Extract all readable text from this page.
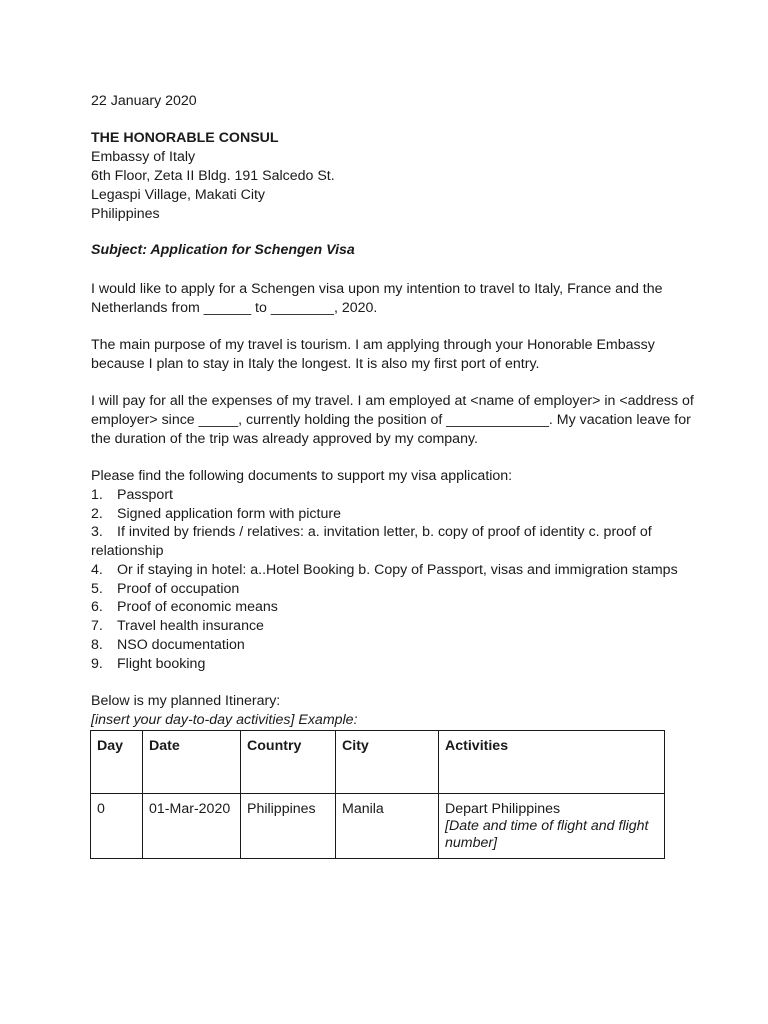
22 January 2020
THE HONORABLE CONSUL
Embassy of Italy
6th Floor, Zeta II Bldg. 191 Salcedo St.
Legaspi Village, Makati City
Philippines
Subject: Application for Schengen Visa
I would like to apply for a Schengen visa upon my intention to travel to Italy, France and the
Netherlands from ______ to ________, 2020.
The main purpose of my travel is tourism. I am applying through your Honorable Embassy
because I plan to stay in Italy the longest. It is also my first port of entry.
I will pay for all the expenses of my travel. I am employed at <name of employer> in <address of
employer> since _____, currently holding the position of _____________. My vacation leave for
the duration of the trip was already approved by my company.
Please find the following documents to support my visa application:
1. Passport
2. Signed application form with picture
3. If invited by friends / relatives: a. invitation letter, b. copy of proof of identity c. proof of
relationship
4. Or if staying in hotel: a..Hotel Booking b. Copy of Passport, visas and immigration stamps
5. Proof of occupation
6. Proof of economic means
7. Travel health insurance
8. NSO documentation
9. Flight booking
Below is my planned Itinerary:
[insert your day-to-day activities] Example:
Day	Date	Country	City	Activities
0	01-Mar-2020	Philippines	Manila	Depart Philippines
[Date and time of flight and flight number]
